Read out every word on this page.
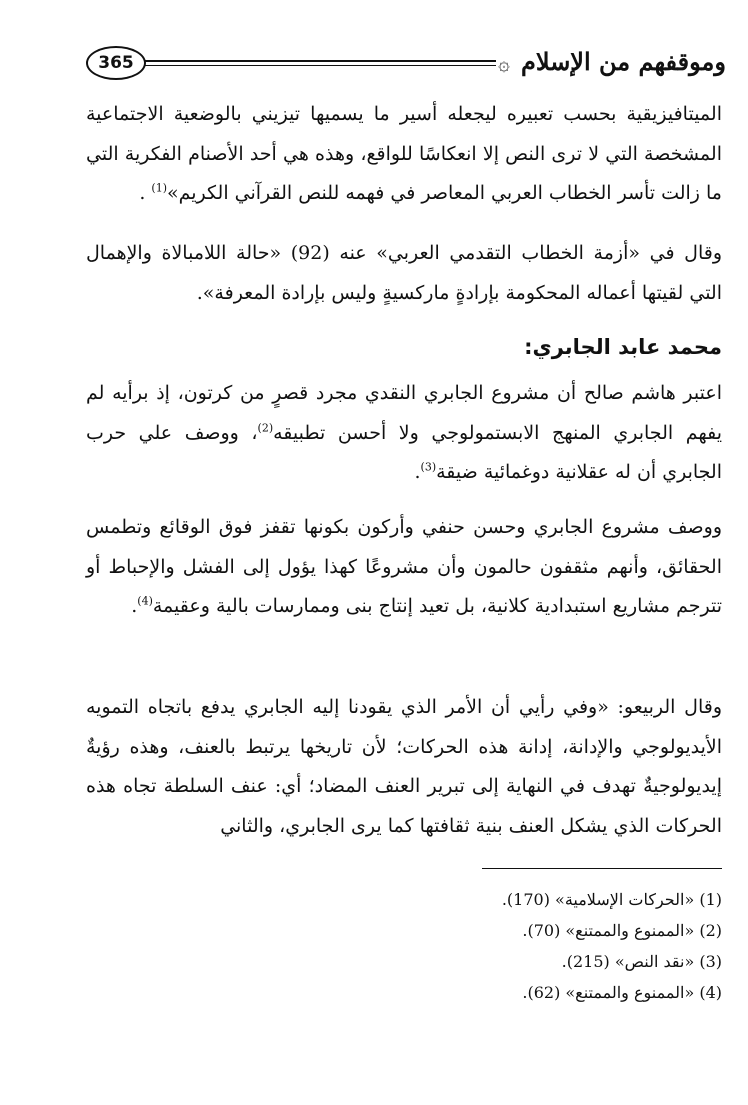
365	۞ وموقفهم من الإسلام
الميتافيزيقية بحسب تعبيره ليجعله أسير ما يسميها تيزيني بالوضعية الاجتماعية المشخصة التي لا ترى النص إلا انعكاسًا للواقع، وهذه هي أحد الأصنام الفكرية التي ما زالت تأسر الخطاب العربي المعاصر في فهمه للنص القرآني الكريم»$^{(1)}$ .
وقال في «أزمة الخطاب التقدمي العربي» عنه (92) «حالة اللامبالاة والإهمال التي لقيتها أعماله المحكومة بإرادةٍ ماركسيةٍ وليس بإرادة المعرفة».
محمد عابد الجابري:
اعتبر هاشم صالح أن مشروع الجابري النقدي مجرد قصرٍ من كرتون، إذ برأيه لم يفهم الجابري المنهج الابستمولوجي ولا أحسن تطبيقه$^{(2)}$، ووصف علي حرب الجابري أن له عقلانية دوغمائية ضيقة$^{(3)}$.
ووصف مشروع الجابري وحسن حنفي وأركون بكونها تقفز فوق الوقائع وتطمس الحقائق، وأنهم مثقفون حالمون وأن مشروعًا كهذا يؤول إلى الفشل والإحباط أو تترجم مشاريع استبدادية كلانية، بل تعيد إنتاج بنى وممارسات بالية وعقيمة$^{(4)}$.
وقال الربيعو: «وفي رأيي أن الأمر الذي يقودنا إليه الجابري يدفع باتجاه التمويه الأيديولوجي والإدانة، إدانة هذه الحركات؛ لأن تاريخها يرتبط بالعنف، وهذه رؤيةٌ إيديولوجيةٌ تهدف في النهاية إلى تبرير العنف المضاد؛ أي: عنف السلطة تجاه هذه الحركات الذي يشكل العنف بنية ثقافتها كما يرى الجابري، والثاني
(1) «الحركات الإسلامية» (170).
(2) «الممنوع والممتنع» (70).
(3) «نقد النص» (215).
(4) «الممنوع والممتنع» (62).
